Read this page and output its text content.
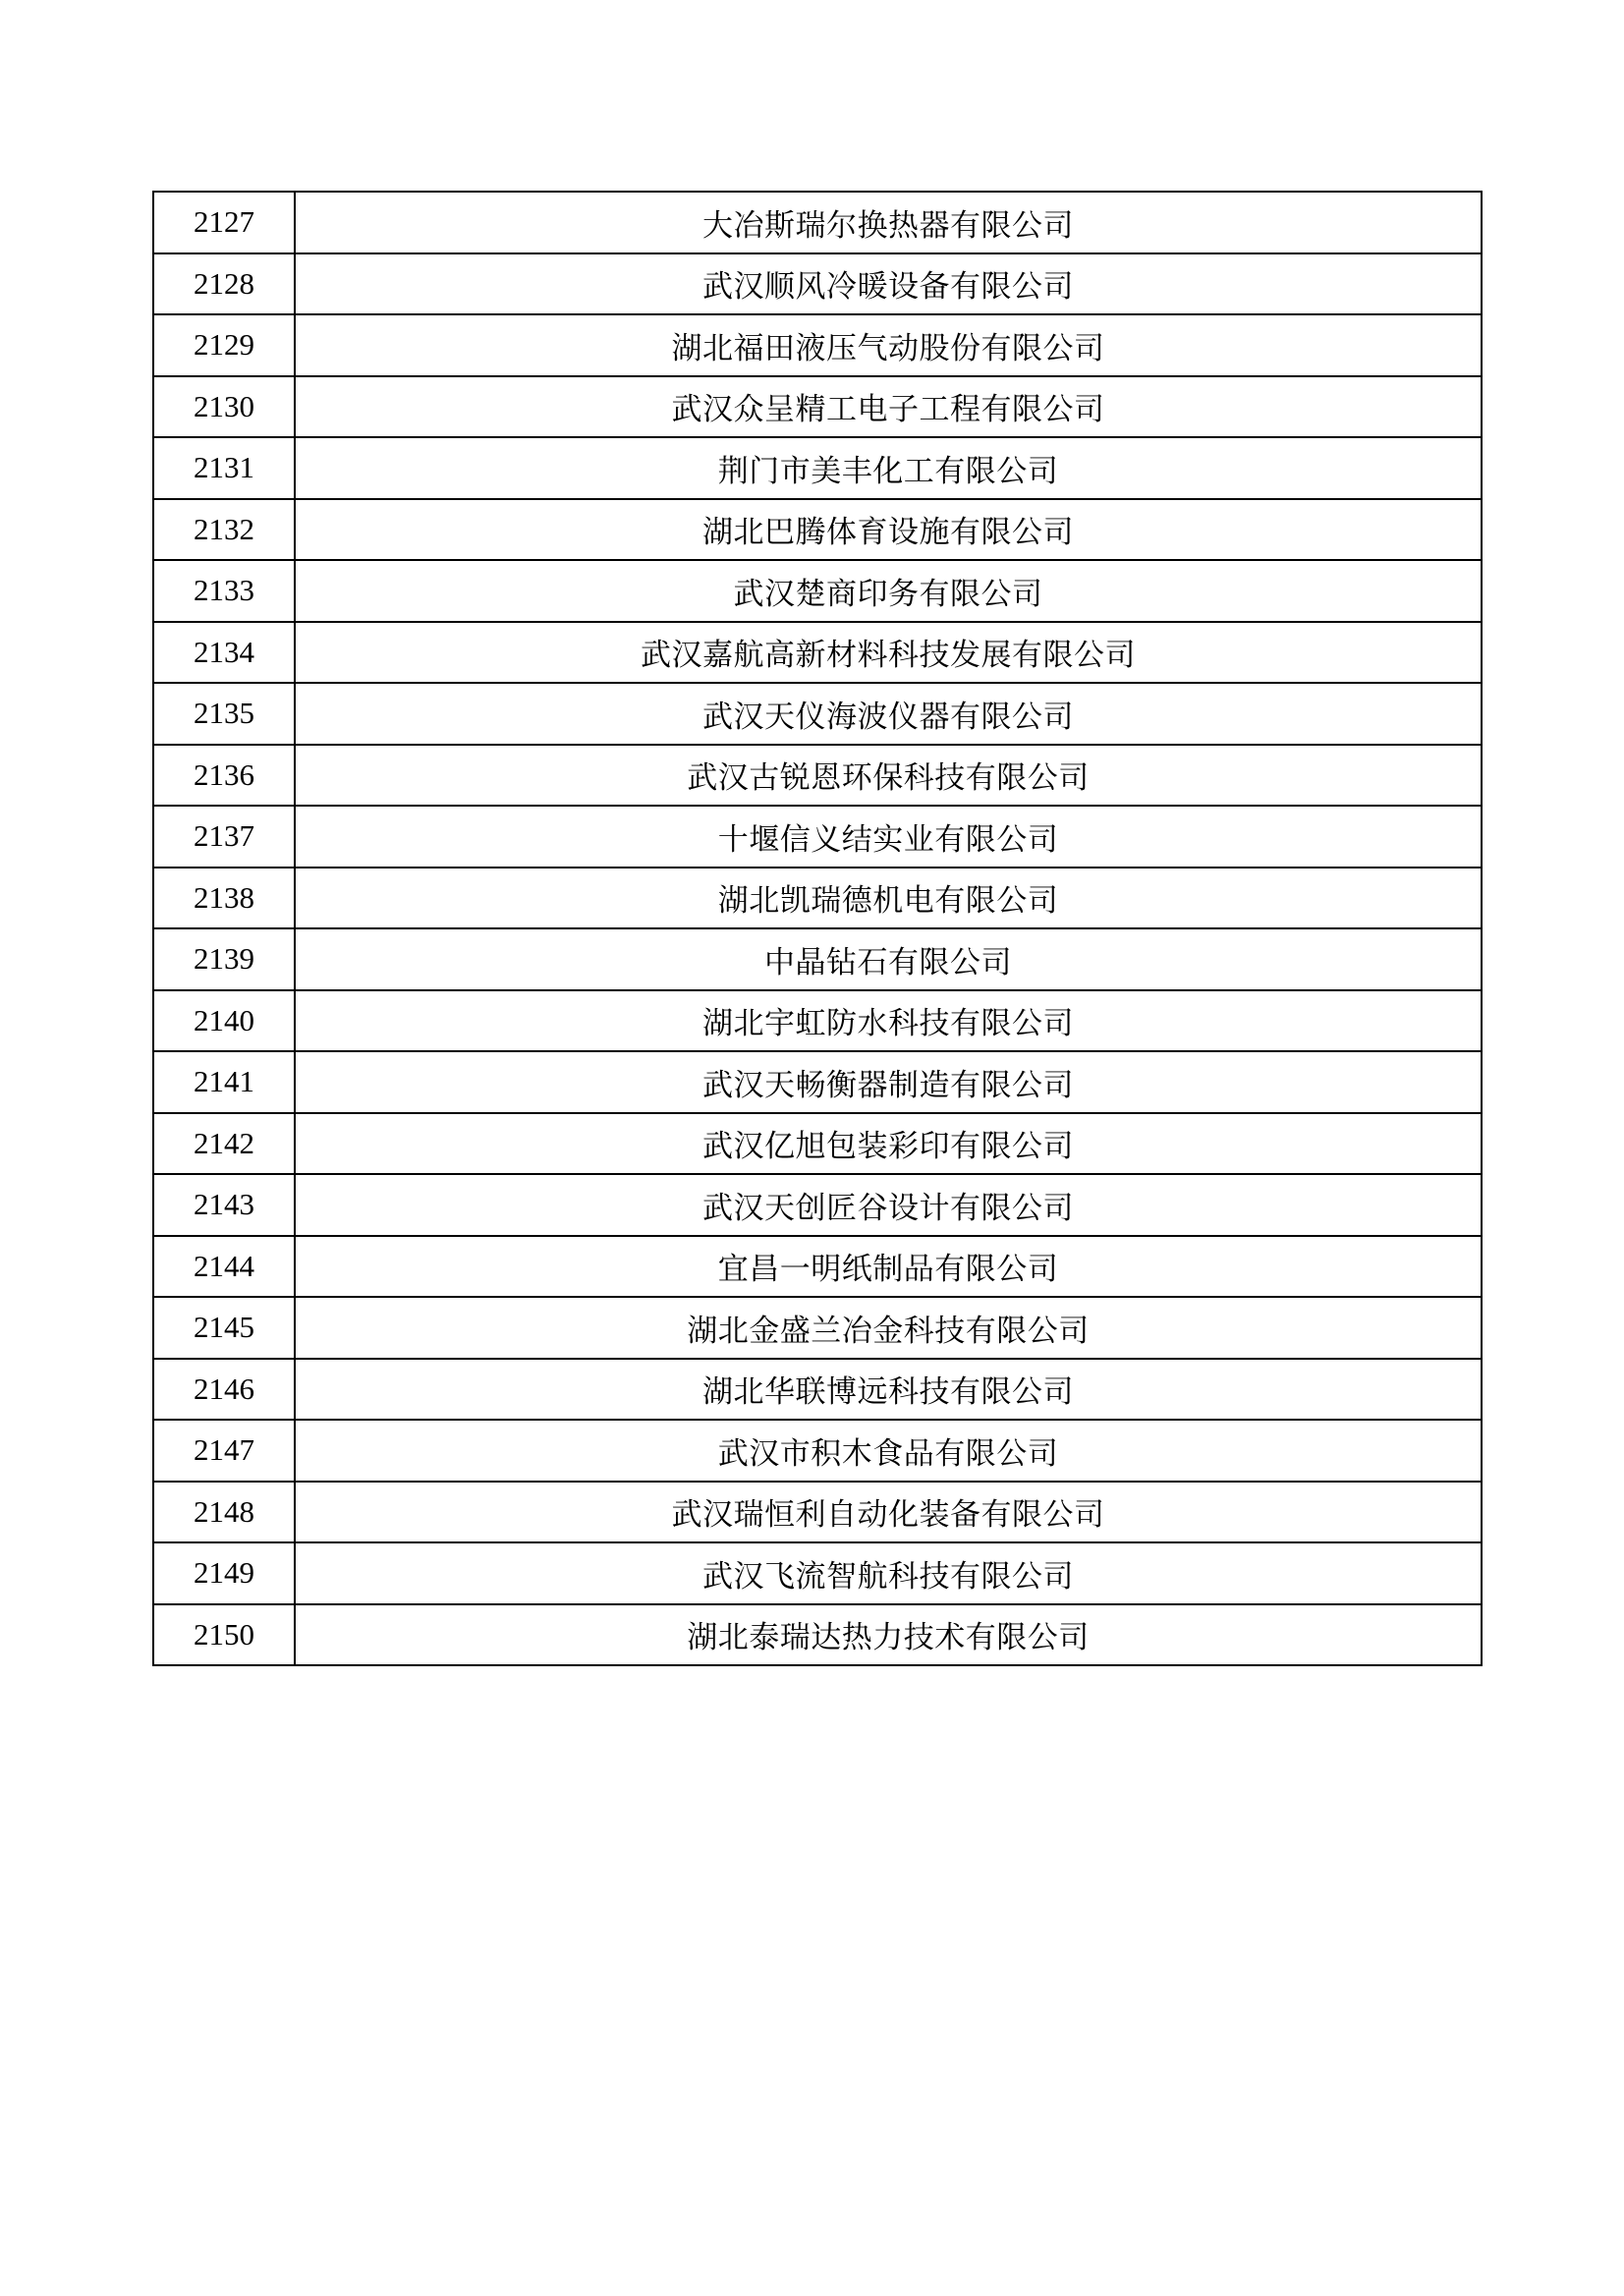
2127	大冶斯瑞尔换热器有限公司
2128	武汉顺风冷暖设备有限公司
2129	湖北福田液压气动股份有限公司
2130	武汉众呈精工电子工程有限公司
2131	荆门市美丰化工有限公司
2132	湖北巴腾体育设施有限公司
2133	武汉楚商印务有限公司
2134	武汉嘉航高新材料科技发展有限公司
2135	武汉天仪海波仪器有限公司
2136	武汉古锐恩环保科技有限公司
2137	十堰信义结实业有限公司
2138	湖北凯瑞德机电有限公司
2139	中晶钻石有限公司
2140	湖北宇虹防水科技有限公司
2141	武汉天畅衡器制造有限公司
2142	武汉亿旭包装彩印有限公司
2143	武汉天创匠谷设计有限公司
2144	宜昌一明纸制品有限公司
2145	湖北金盛兰冶金科技有限公司
2146	湖北华联博远科技有限公司
2147	武汉市积木食品有限公司
2148	武汉瑞恒利自动化装备有限公司
2149	武汉飞流智航科技有限公司
2150	湖北泰瑞达热力技术有限公司
